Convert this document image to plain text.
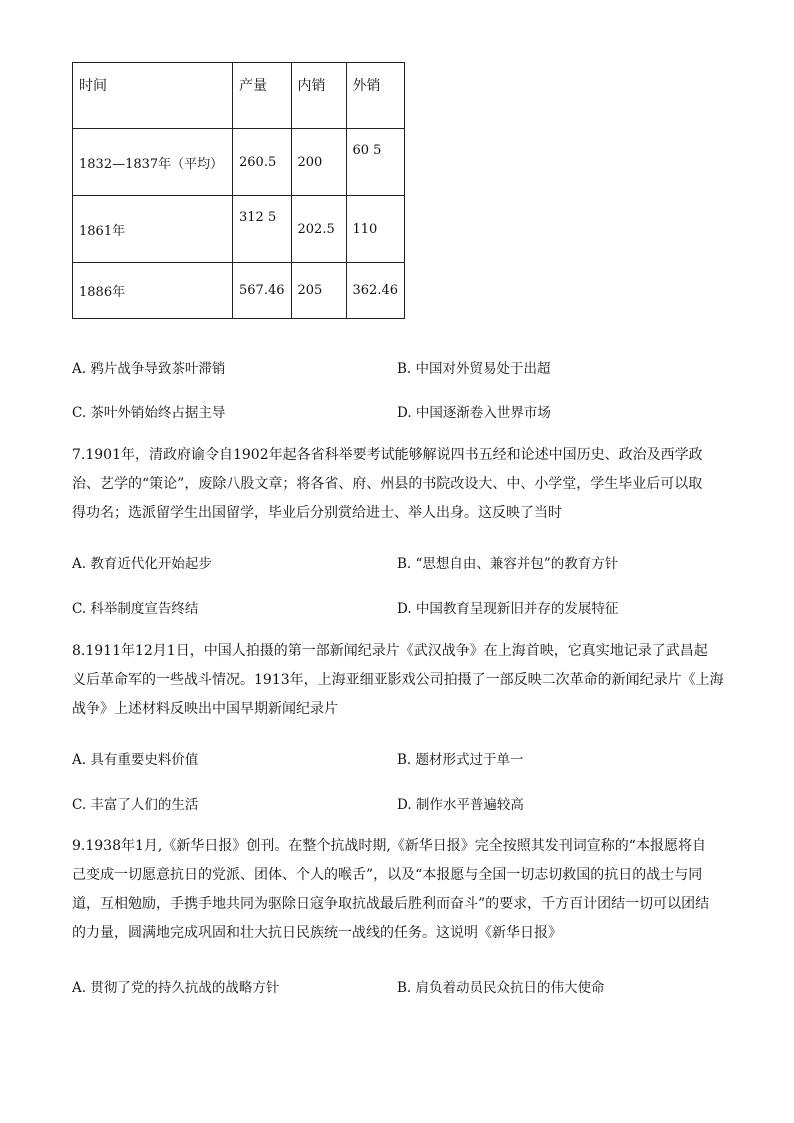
时间	产量	内销	外销
1832—1837年（平均）	260.5	200	60 5
1861年	312 5	202.5	110
1886年	567.46	205	362.46
A. 鸦片战争导致茶叶滞销	B. 中国对外贸易处于出超
C. 茶叶外销始终占据主导	D. 中国逐渐卷入世界市场
7.1901年，清政府谕令自1902年起各省科举要考试能够解说四书五经和论述中国历史、政治及西学政
治、艺学的“策论”，废除八股文章；将各省、府、州县的书院改设大、中、小学堂，学生毕业后可以取
得功名；选派留学生出国留学，毕业后分别赏给进士、举人出身。这反映了当时
A. 教育近代化开始起步	B. “思想自由、兼容并包”的教育方针
C. 科举制度宣告终结	D. 中国教育呈现新旧并存的发展特征
8.1911年12月1日，中国人拍摄的第一部新闻纪录片《武汉战争》在上海首映，它真实地记录了武昌起
义后革命军的一些战斗情况。1913年，上海亚细亚影戏公司拍摄了一部反映二次革命的新闻纪录片《上海
战争》上述材料反映出中国早期新闻纪录片
A. 具有重要史料价值	B. 题材形式过于单一
C. 丰富了人们的生活	D. 制作水平普遍较高
9.1938年1月,《新华日报》创刊。在整个抗战时期,《新华日报》完全按照其发刊词宣称的“本报愿将自
己变成一切愿意抗日的党派、团体、个人的喉舌”，以及“本报愿与全国一切志切救国的抗日的战士与同
道，互相勉励，手携手地共同为驱除日寇争取抗战最后胜利而奋斗”的要求，千方百计团结一切可以团结
的力量，圆满地完成巩固和壮大抗日民族统一战线的任务。这说明《新华日报》
A. 贯彻了党的持久抗战的战略方针	B. 肩负着动员民众抗日的伟大使命
